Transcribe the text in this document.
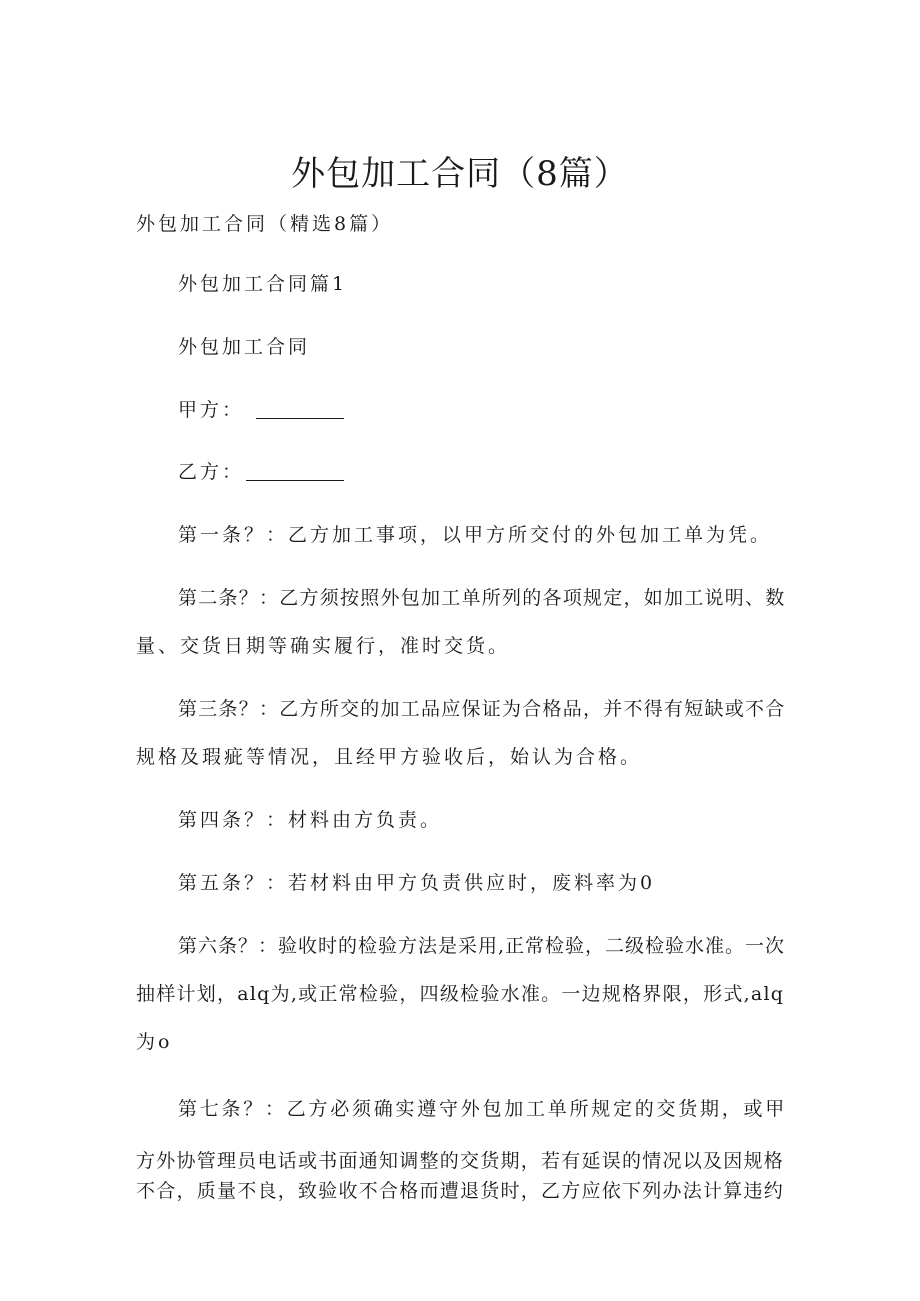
外包加工合同（8篇）

外包加工合同（精选8篇）

外包加工合同篇1

外包加工合同

甲方：

乙方：

第一条？：乙方加工事项，以甲方所交付的外包加工单为凭。

第二条？：乙方须按照外包加工单所列的各项规定，如加工说明、数

量、交货日期等确实履行，准时交货。

第三条？：乙方所交的加工品应保证为合格品，并不得有短缺或不合

规格及瑕疵等情况，且经甲方验收后，始认为合格。

第四条？：材料由方负责。

第五条？：若材料由甲方负责供应时，废料率为0

第六条？：验收时的检验方法是采用,正常检验，二级检验水准。一次

抽样计划，alq为,或正常检验，四级检验水准。一边规格界限，形式,alq

为o

第七条？：乙方必须确实遵守外包加工单所规定的交货期，或甲

方外协管理员电话或书面通知调整的交货期，若有延误的情况以及因规格

不合，质量不良，致验收不合格而遭退货时，乙方应依下列办法计算违约
